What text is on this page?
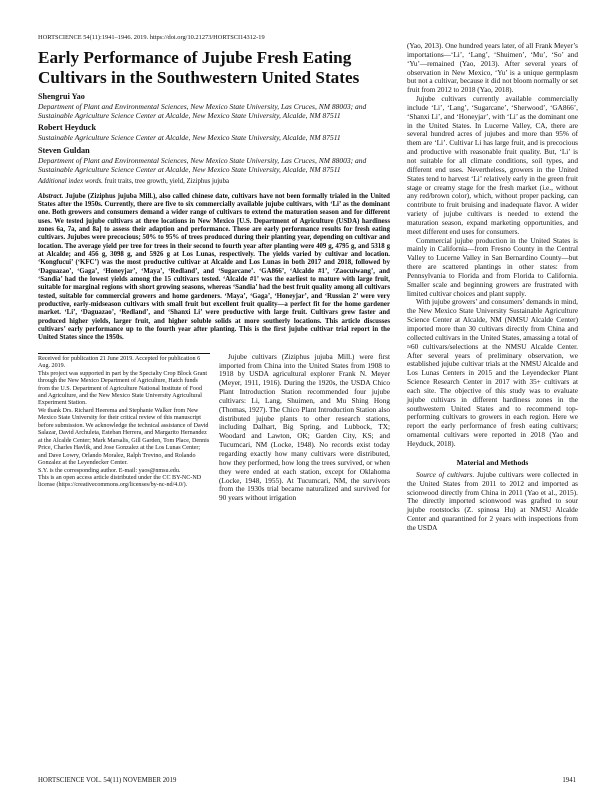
HORTSCIENCE 54(11):1941–1946. 2019. https://doi.org/10.21273/HORTSCI14312-19

Early Performance of Jujube Fresh Eating Cultivars in the Southwestern United States

Shengrui Yao

Department of Plant and Environmental Sciences, New Mexico State University, Las Cruces, NM 88003; and Sustainable Agriculture Science Center at Alcalde, New Mexico State University, Alcalde, NM 87511

Robert Heyduck

Sustainable Agriculture Science Center at Alcalde, New Mexico State University, Alcalde, NM 87511

Steven Guldan

Department of Plant and Environmental Sciences, New Mexico State University, Las Cruces, NM 88003; and Sustainable Agriculture Science Center at Alcalde, New Mexico State University, Alcalde, NM 87511

Additional index words. fruit traits, tree growth, yield, Ziziphus jujuba

Abstract. Jujube (Ziziphus jujuba Mill.), also called chinese date, cultivars have not been formally trialed in the United States after the 1950s. Currently, there are five to six commercially available jujube cultivars, with ‘Li’ as the dominant one. Both growers and consumers demand a wider range of cultivars to extend the maturation season and for different uses. We tested jujube cultivars at three locations in New Mexico [U.S. Department of Agriculture (USDA) hardiness zones 6a, 7a, and 8a] to assess their adaption and performance. These are early performance results for fresh eating cultivars. Jujubes were precocious; 50% to 95% of trees produced during their planting year, depending on cultivar and location. The average yield per tree for trees in their second to fourth year after planting were 409 g, 4795 g, and 5318 g at Alcalde; and 456 g, 3098 g, and 5926 g at Los Lunas, respectively. The yields varied by cultivar and location. ‘Kongfucui’ (‘KFC’) was the most productive cultivar at Alcalde and Los Lunas in both 2017 and 2018, followed by ‘Daguazao’, ‘Gaga’, ‘Honeyjar’, ‘Maya’, ‘Redland’, and ‘Sugarcane’. ‘GA866’, ‘Alcalde #1’, ‘Zaocuiwang’, and ‘Sandia’ had the lowest yields among the 15 cultivars tested. ‘Alcalde #1’ was the earliest to mature with large fruit, suitable for marginal regions with short growing seasons, whereas ‘Sandia’ had the best fruit quality among all cultivars tested, suitable for commercial growers and home gardeners. ‘Maya’, ‘Gaga’, ‘Honeyjar’, and ‘Russian 2’ were very productive, early-midseason cultivars with small fruit but excellent fruit quality—a perfect fit for the home gardener market. ‘Li’, ‘Daguazao’, ‘Redland’, and ‘Shanxi Li’ were productive with large fruit. Cultivars grew faster and produced higher yields, larger fruit, and higher soluble solids at more southerly locations. This article discusses cultivars’ early performance up to the fourth year after planting. This is the first jujube cultivar trial report in the United States since the 1950s.

Received for publication 21 June 2019. Accepted for publication 6 Aug. 2019.

This project was supported in part by the Specialty Crop Block Grant through the New Mexico Department of Agriculture, Hatch funds from the U.S. Department of Agriculture National Institute of Food and Agriculture, and the New Mexico State University Agricultural Experiment Station.

We thank Drs. Richard Heerema and Stephanie Walker from New Mexico State University for their critical review of this manuscript before submission. We acknowledge the technical assistance of David Salazar, David Archuleta, Esteban Herrera, and Margarito Hernandez at the Alcalde Center; Mark Marsalis, Gill Garden, Tom Place, Dennis Price, Charles Havlik, and Jose Gonzalez at the Los Lunas Center; and Dave Lowry, Orlando Moralez, Ralph Trevino, and Rolando Gonzalez at the Leyendecker Center.

S.Y. is the corresponding author. E-mail: yaos@nmsu.edu.

This is an open access article distributed under the CC BY-NC-ND license (https://creativecommons.org/licenses/by-nc-nd/4.0/).

Jujube cultivars (Ziziphus jujuba Mill.) were first imported from China into the United States from 1908 to 1918 by USDA agricultural explorer Frank N. Meyer (Meyer, 1911, 1916). During the 1920s, the USDA Chico Plant Introduction Station recommended four jujube cultivars: Li, Lang, Shuimen, and Mu Shing Hong (Thomas, 1927). The Chico Plant Introduction Station also distributed jujube plants to other research stations, including Dalhart, Big Spring, and Lubbock, TX; Woodard and Lawton, OK; Garden City, KS; and Tucumcari, NM (Locke, 1948). No records exist today regarding exactly how many cultivars were distributed, how they performed, how long the trees survived, or when they were ended at each station, except for Oklahoma (Locke, 1948, 1955). At Tucumcari, NM, the survivors from the 1930s trial became naturalized and survived for 90 years without irrigation

(Yao, 2013). One hundred years later, of all Frank Meyer’s importations—‘Li’, ‘Lang’, ‘Shuimen’, ‘Mu’, ‘So’ and ‘Yu’—remained (Yao, 2013). After several years of observation in New Mexico, ‘Yu’ is a unique germplasm but not a cultivar, because it did not bloom normally or set fruit from 2012 to 2018 (Yao, 2018).

Jujube cultivars currently available commercially include ‘Li’, ‘Lang’, ‘Sugarcane’, ‘Sherwood’, ‘GA866’, ‘Shanxi Li’, and ‘Honeyjar’, with ‘Li’ as the dominant one in the United States. In Lucerne Valley, CA, there are several hundred acres of jujubes and more than 95% of them are ‘Li’. Cultivar Li has large fruit, and is precocious and productive with reasonable fruit quality. But, ‘Li’ is not suitable for all climate conditions, soil types, and different end uses. Nevertheless, growers in the United States tend to harvest ‘Li’ relatively early in the green fruit stage or creamy stage for the fresh market (i.e., without any red/brown color), which, without proper packing, can contribute to fruit bruising and inadequate flavor. A wider variety of jujube cultivars is needed to extend the maturation season, expand marketing opportunities, and meet different end uses for consumers.

Commercial jujube production in the United States is mainly in California—from Fresno County in the Central Valley to Lucerne Valley in San Bernardino County—but there are scattered plantings in other states: from Pennsylvania to Florida and from Florida to California. Smaller scale and beginning growers are frustrated with limited cultivar choices and plant supply.

With jujube growers’ and consumers’ demands in mind, the New Mexico State University Sustainable Agriculture Science Center at Alcalde, NM (NMSU Alcalde Center) imported more than 30 cultivars directly from China and collected cultivars in the United States, amassing a total of ≈60 cultivars/selections at the NMSU Alcalde Center. After several years of preliminary observation, we established jujube cultivar trials at the NMSU Alcalde and Los Lunas Centers in 2015 and the Leyendecker Plant Science Research Center in 2017 with 35+ cultivars at each site. The objective of this study was to evaluate jujube cultivars in different hardiness zones in the southwestern United States and to recommend top-performing cultivars to growers in each region. Here we report the early performance of fresh eating cultivars; ornamental cultivars were reported in 2018 (Yao and Heyduck, 2018).

Material and Methods

Source of cultivars. Jujube cultivars were collected in the United States from 2011 to 2012 and imported as scionwood directly from China in 2011 (Yao et al., 2015). The directly imported scionwood was grafted to sour jujube rootstocks (Z. spinosa Hu) at NMSU Alcalde Center and quarantined for 2 years with inspections from the USDA

HORTSCIENCE VOL. 54(11) NOVEMBER 2019	1941
